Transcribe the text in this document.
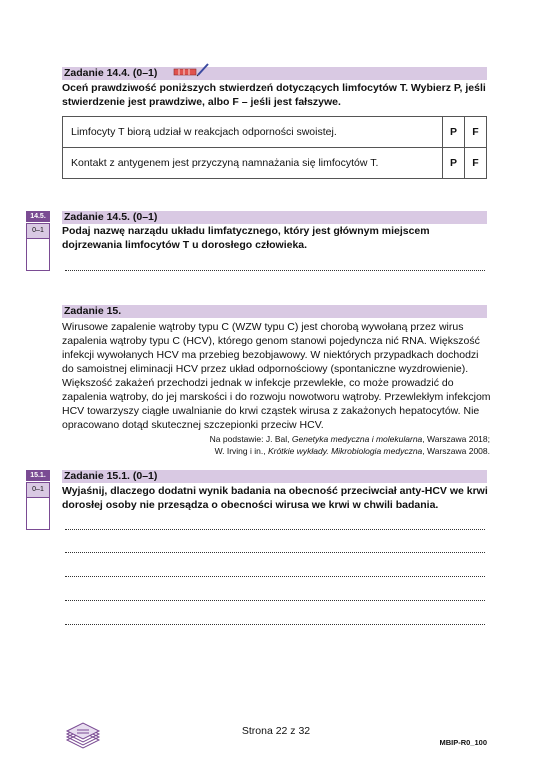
Zadanie 14.4. (0–1)
Oceń prawdziwość poniższych stwierdzeń dotyczących limfocytów T. Wybierz P, jeśli stwierdzenie jest prawdziwe, albo F – jeśli jest fałszywe.
Limfocyty T biorą udział w reakcjach odporności swoistej.	P	F
Kontakt z antygenem jest przyczyną namnażania się limfocytów T.	P	F
14.5.
0–1
Zadanie 14.5. (0–1)
Podaj nazwę narządu układu limfatycznego, który jest głównym miejscem dojrzewania limfocytów T u dorosłego człowieka.
Zadanie 15.
Wirusowe zapalenie wątroby typu C (WZW typu C) jest chorobą wywołaną przez wirus zapalenia wątroby typu C (HCV), którego genom stanowi pojedyncza nić RNA. Większość infekcji wywołanych HCV ma przebieg bezobjawowy. W niektórych przypadkach dochodzi do samoistnej eliminacji HCV przez układ odpornościowy (spontaniczne wyzdrowienie). Większość zakażeń przechodzi jednak w infekcje przewlekłe, co może prowadzić do zapalenia wątroby, do jej marskości i do rozwoju nowotworu wątroby. Przewlekłym infekcjom HCV towarzyszy ciągłe uwalnianie do krwi cząstek wirusa z zakażonych hepatocytów. Nie opracowano dotąd skutecznej szczepionki przeciw HCV.
Na podstawie: J. Bal, Genetyka medyczna i molekularna, Warszawa 2018;
W. Irving i in., Krótkie wykłady. Mikrobiologia medyczna, Warszawa 2008.
15.1.
0–1
Zadanie 15.1. (0–1)
Wyjaśnij, dlaczego dodatni wynik badania na obecność przeciwciał anty-HCV we krwi dorosłej osoby nie przesądza o obecności wirusa we krwi w chwili badania.
Strona 22 z 32
MBIP-R0_100
